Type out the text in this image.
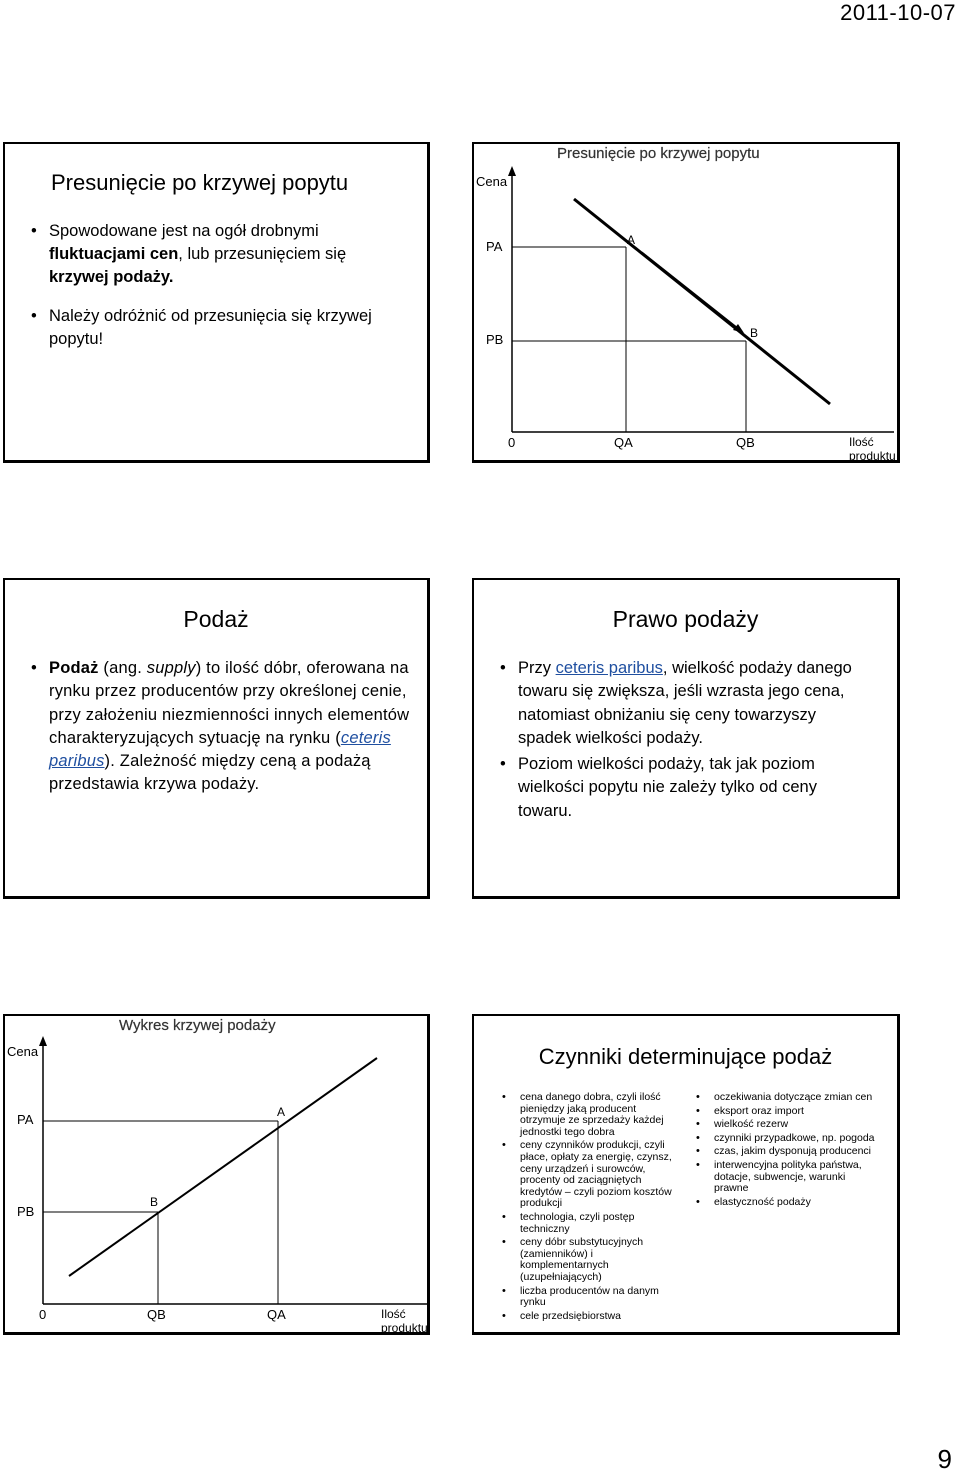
2011-10-07
Presunięcie po krzywej popytu
• Spowodowane jest na ogół drobnymi fluktuacjami cen, lub przesunięciem się krzywej podaży.
• Należy odróżnić od przesunięcia się krzywej popytu!
Presunięcie po krzywej popytu
Cena
PA
PB
0	QA	QB	Ilość
produktu
A
B
Podaż
• Podaż (ang. supply) to ilość dóbr, oferowana na rynku przez producentów przy określonej cenie, przy założeniu niezmienności innych elementów charakteryzujących sytuację na rynku (ceteris paribus). Zależność między ceną a podażą przedstawia krzywa podaży.
Prawo podaży
• Przy ceteris paribus, wielkość podaży danego towaru się zwiększa, jeśli wzrasta jego cena, natomiast obniżaniu się ceny towarzyszy spadek wielkości podaży.
• Poziom wielkości podaży, tak jak poziom wielkości popytu nie zależy tylko od ceny towaru.
Wykres krzywej podaży
Cena
PA
PB
0	QB	QA	Ilość
produktu
A
B
Czynniki determinujące podaż
• cena danego dobra, czyli ilość pieniędzy jaką producent otrzymuje ze sprzedaży każdej jednostki tego dobra
• ceny czynników produkcji, czyli płace, opłaty za energię, czynsz, ceny urządzeń i surowców, procenty od zaciągniętych kredytów – czyli poziom kosztów produkcji
• technologia, czyli postęp techniczny
• ceny dóbr substytucyjnych (zamienników) i komplementarnych (uzupełniających)
• liczba producentów na danym rynku
• cele przedsiębiorstwa
• oczekiwania dotyczące zmian cen
• eksport oraz import
• wielkość rezerw
• czynniki przypadkowe, np. pogoda
• czas, jakim dysponują producenci
• interwencyjna polityka państwa, dotacje, subwencje, warunki prawne
• elastyczność podaży
9
